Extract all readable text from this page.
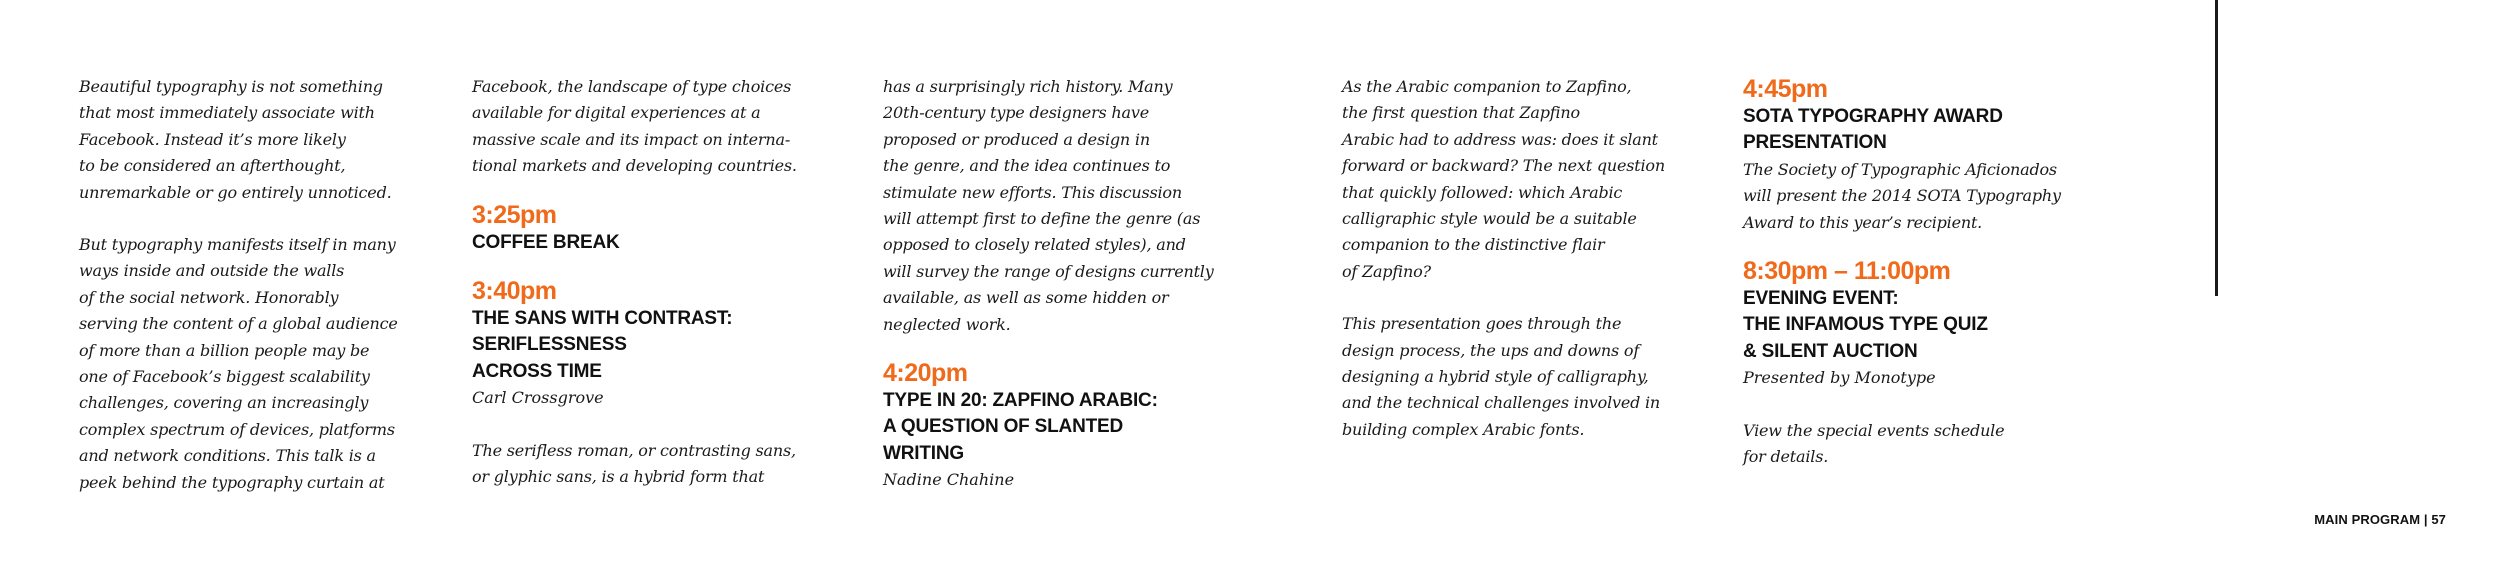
Beautiful typography is not something
that most immediately associate with
Facebook. Instead it’s more likely
to be considered an afterthought,
unremarkable or go entirely unnoticed.

But typography manifests itself in many
ways inside and outside the walls
of the social network. Honorably
serving the content of a global audience
of more than a billion people may be
one of Facebook’s biggest scalability
challenges, covering an increasingly
complex spectrum of devices, platforms
and network conditions. This talk is a
peek behind the typography curtain at

Facebook, the landscape of type choices
available for digital experiences at a
massive scale and its impact on interna-
tional markets and developing countries.

3:25pm

COFFEE BREAK

3:40pm

THE SANS WITH CONTRAST:
SERIFLESSNESS
ACROSS TIME

Carl Crossgrove

The serifless roman, or contrasting sans,
or glyphic sans, is a hybrid form that

has a surprisingly rich history. Many
20th-century type designers have
proposed or produced a design in
the genre, and the idea continues to
stimulate new efforts. This discussion
will attempt first to define the genre (as
opposed to closely related styles), and
will survey the range of designs currently
available, as well as some hidden or
neglected work.

4:20pm

TYPE IN 20: ZAPFINO ARABIC:
A QUESTION OF SLANTED
WRITING

Nadine Chahine

As the Arabic companion to Zapfino,
the first question that Zapfino
Arabic had to address was: does it slant
forward or backward? The next question
that quickly followed: which Arabic
calligraphic style would be a suitable
companion to the distinctive flair
of Zapfino?

This presentation goes through the
design process, the ups and downs of
designing a hybrid style of calligraphy,
and the technical challenges involved in
building complex Arabic fonts.

4:45pm

SOTA TYPOGRAPHY AWARD
PRESENTATION

The Society of Typographic Aficionados
will present the 2014 SOTA Typography
Award to this year’s recipient.

8:30pm – 11:00pm

EVENING EVENT:
THE INFAMOUS TYPE QUIZ
& SILENT AUCTION

Presented by Monotype

View the special events schedule
for details.

MAIN PROGRAM | 57
